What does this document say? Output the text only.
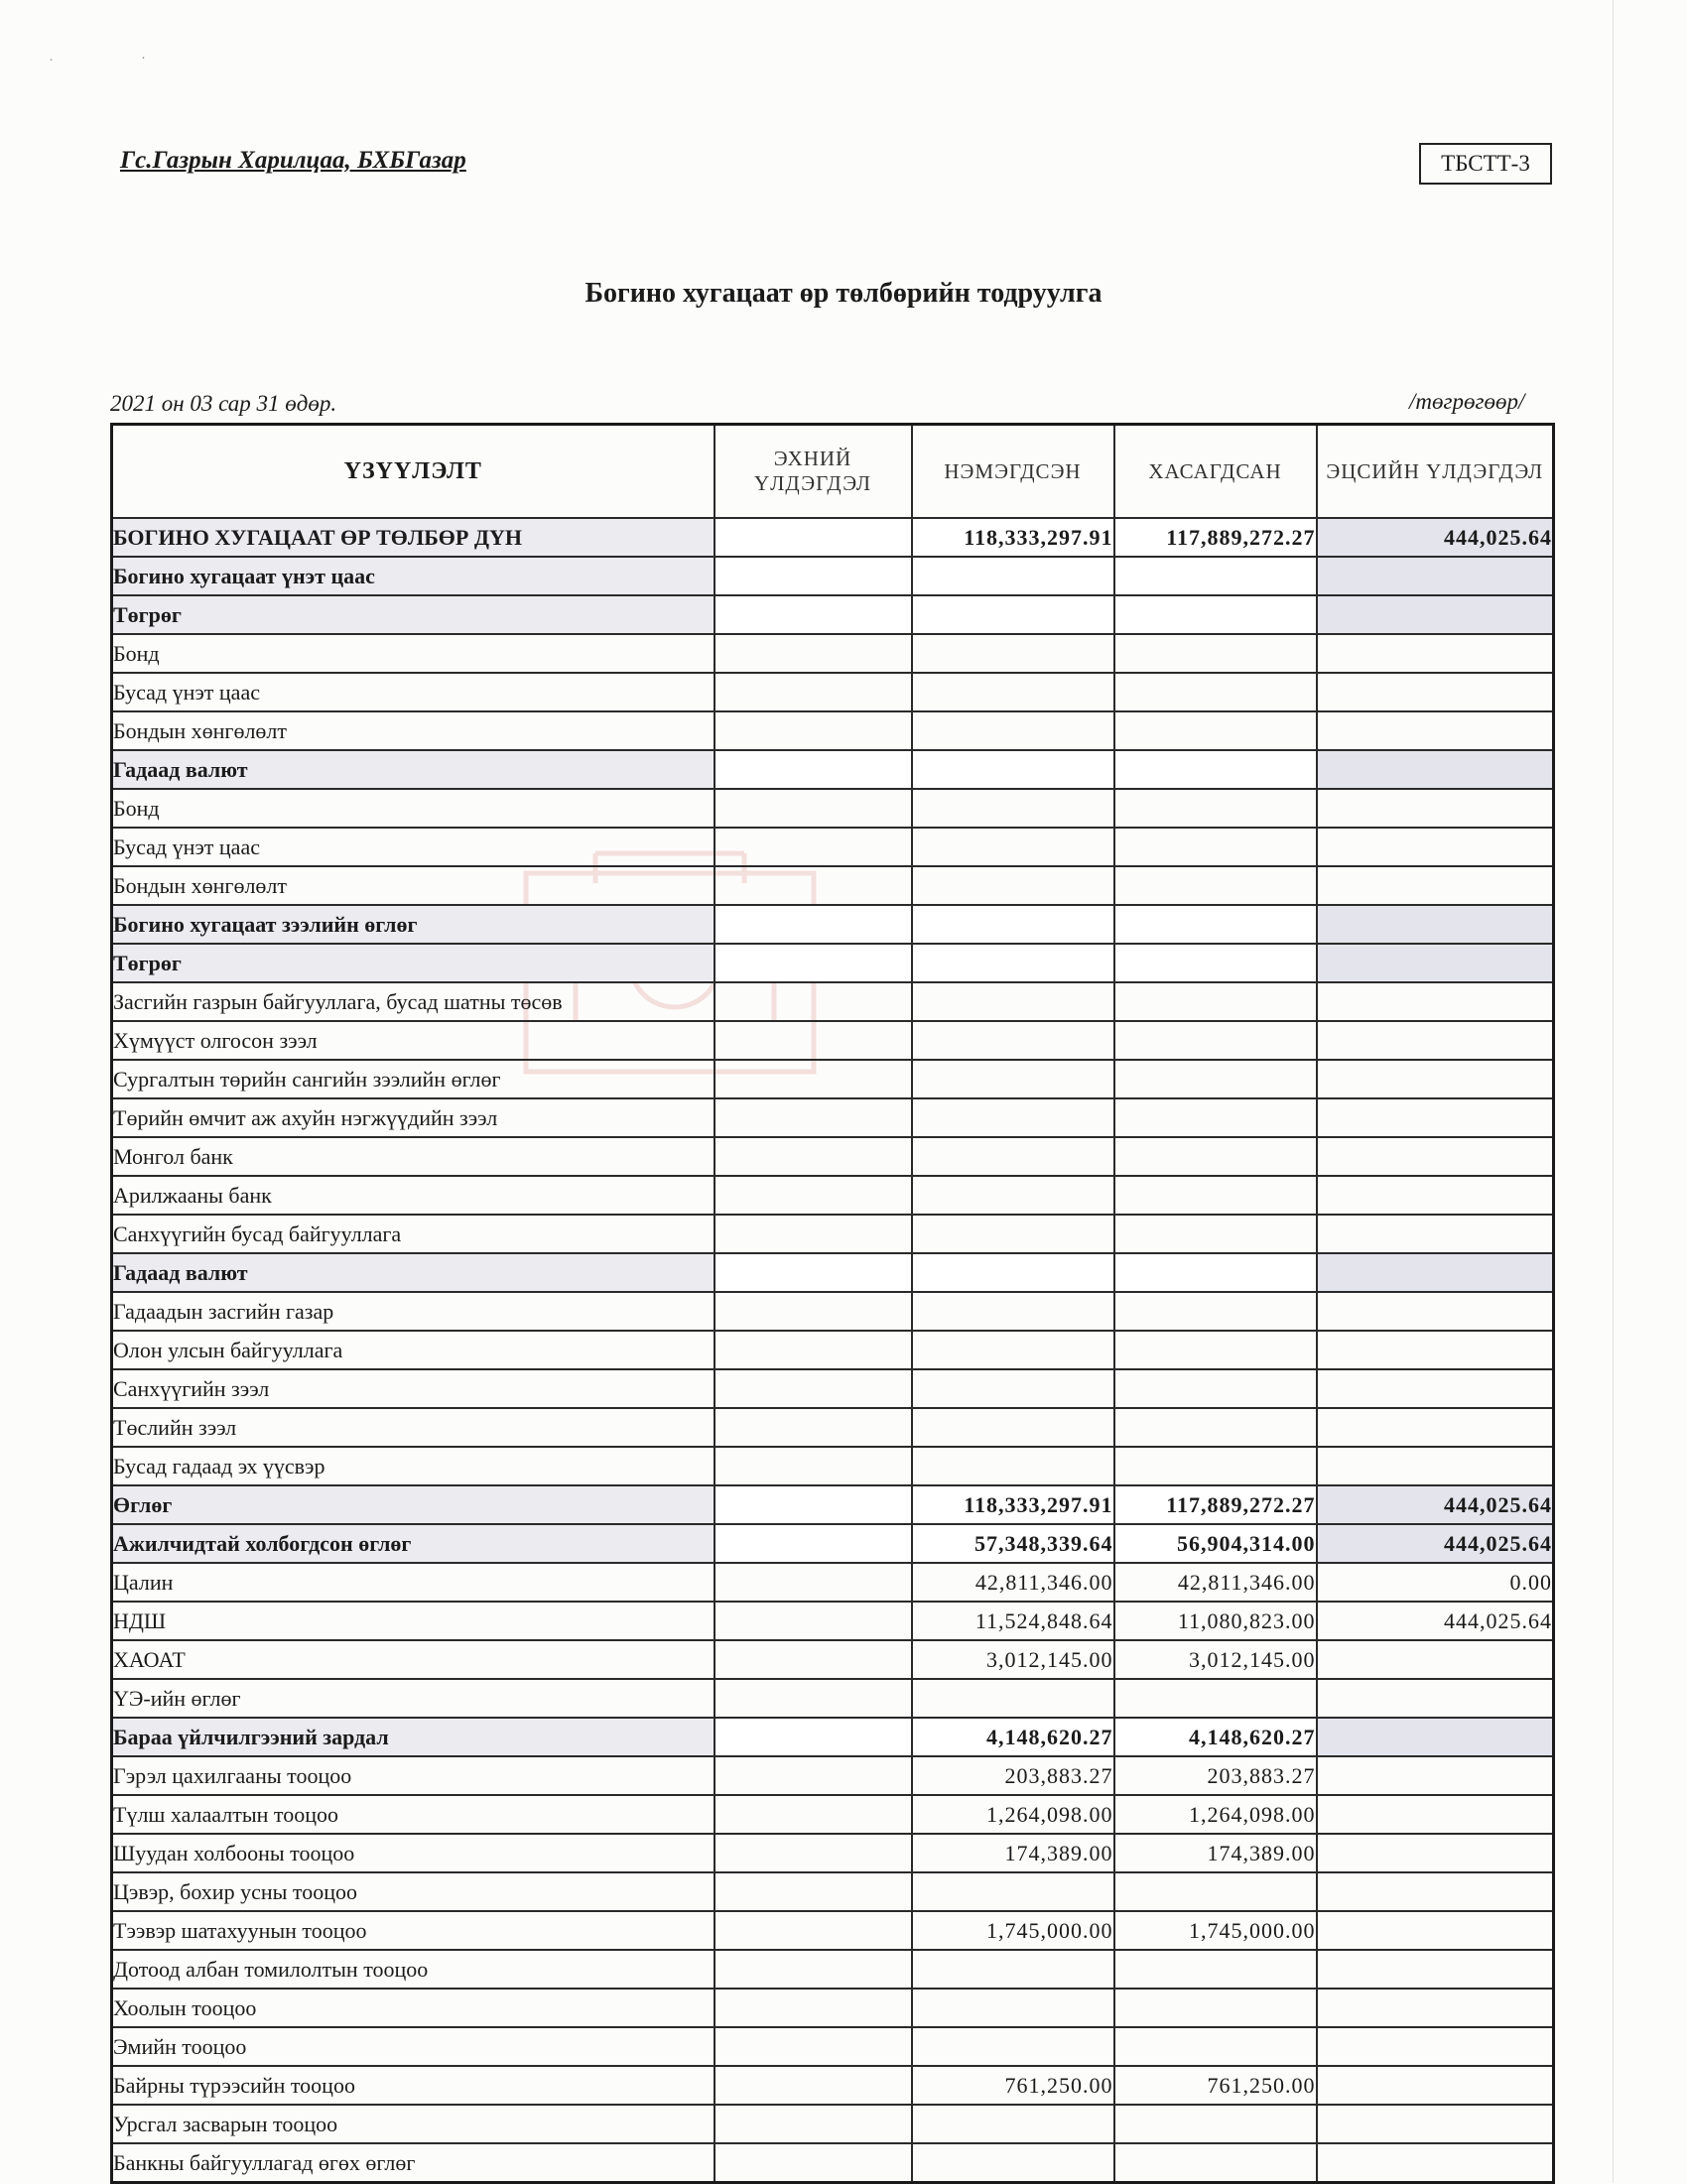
˙	˙
Гс.Газрын Харилцаа, БХБГазар	ТБСТТ-3
Богино хугацаат өр төлбөрийн тодруулга
2021 он 03 сар 31 өдөр.	/төгрөгөөр/
ҮЗҮҮЛЭЛТ	ЭХНИЙ ҮЛДЭГДЭЛ	НЭМЭГДСЭН	ХАСАГДСАН	ЭЦСИЙН ҮЛДЭГДЭЛ
БОГИНО ХУГАЦААТ ӨР ТӨЛБӨР ДҮН		118,333,297.91	117,889,272.27	444,025.64
Богино хугацаат үнэт цаас				
Төгрөг				
Бонд				
Бусад үнэт цаас				
Бондын хөнгөлөлт				
Гадаад валют				
Бонд				
Бусад үнэт цаас				
Бондын хөнгөлөлт				
Богино хугацаат зээлийн өглөг				
Төгрөг				
Засгийн газрын байгууллага, бусад шатны төсөв				
Хүмүүст олгосон зээл				
Сургалтын төрийн сангийн зээлийн өглөг				
Төрийн өмчит аж ахуйн нэгжүүдийн зээл				
Монгол банк				
Арилжааны банк				
Санхүүгийн бусад байгууллага				
Гадаад валют				
Гадаадын засгийн газар				
Олон улсын байгууллага				
Санхүүгийн зээл				
Төслийн зээл				
Бусад гадаад эх үүсвэр				
Өглөг		118,333,297.91	117,889,272.27	444,025.64
Ажилчидтай холбогдсон өглөг		57,348,339.64	56,904,314.00	444,025.64
Цалин		42,811,346.00	42,811,346.00	0.00
НДШ		11,524,848.64	11,080,823.00	444,025.64
ХАОАТ		3,012,145.00	3,012,145.00	
ҮЭ-ийн өглөг				
Бараа үйлчилгээний зардал		4,148,620.27	4,148,620.27	
Гэрэл цахилгааны тооцоо		203,883.27	203,883.27	
Түлш халаалтын тооцоо		1,264,098.00	1,264,098.00	
Шуудан холбооны тооцоо		174,389.00	174,389.00	
Цэвэр, бохир усны тооцоо				
Тээвэр шатахуунын тооцоо		1,745,000.00	1,745,000.00	
Дотоод албан томилолтын тооцоо				
Хоолын тооцоо				
Эмийн тооцоо				
Байрны түрээсийн тооцоо		761,250.00	761,250.00	
Урсгал засварын тооцоо				
Банкны байгууллагад өгөх өглөг				
